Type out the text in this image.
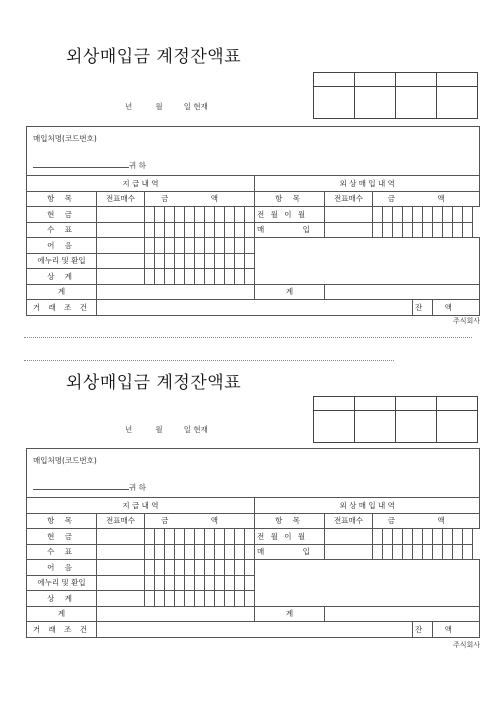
외상매입금 계정잔액표

년	월	일 현재
매입처명(코드번호)
귀 하																								

지 급 내 역													외 상 매 입 내 역											
항 목	전표매수	금 액											항 목	전표매수	금 액									
현 금													전 월 이 월											
수 표													매 입											
어 음																								
에누리 및 환입																								
상 계																								
계													계											
거 래 조 건																			잔 액					
주식회사
외상매입금 계정잔액표

년	월	일 현재
매입처명(코드번호)
귀 하																								

지 급 내 역													외 상 매 입 내 역											
항 목	전표매수	금 액											항 목	전표매수	금 액									
현 금													전 월 이 월											
수 표													매 입											
어 음																								
에누리 및 환입																								
상 계																								
계													계											
거 래 조 건																			잔 액					
주식회사
